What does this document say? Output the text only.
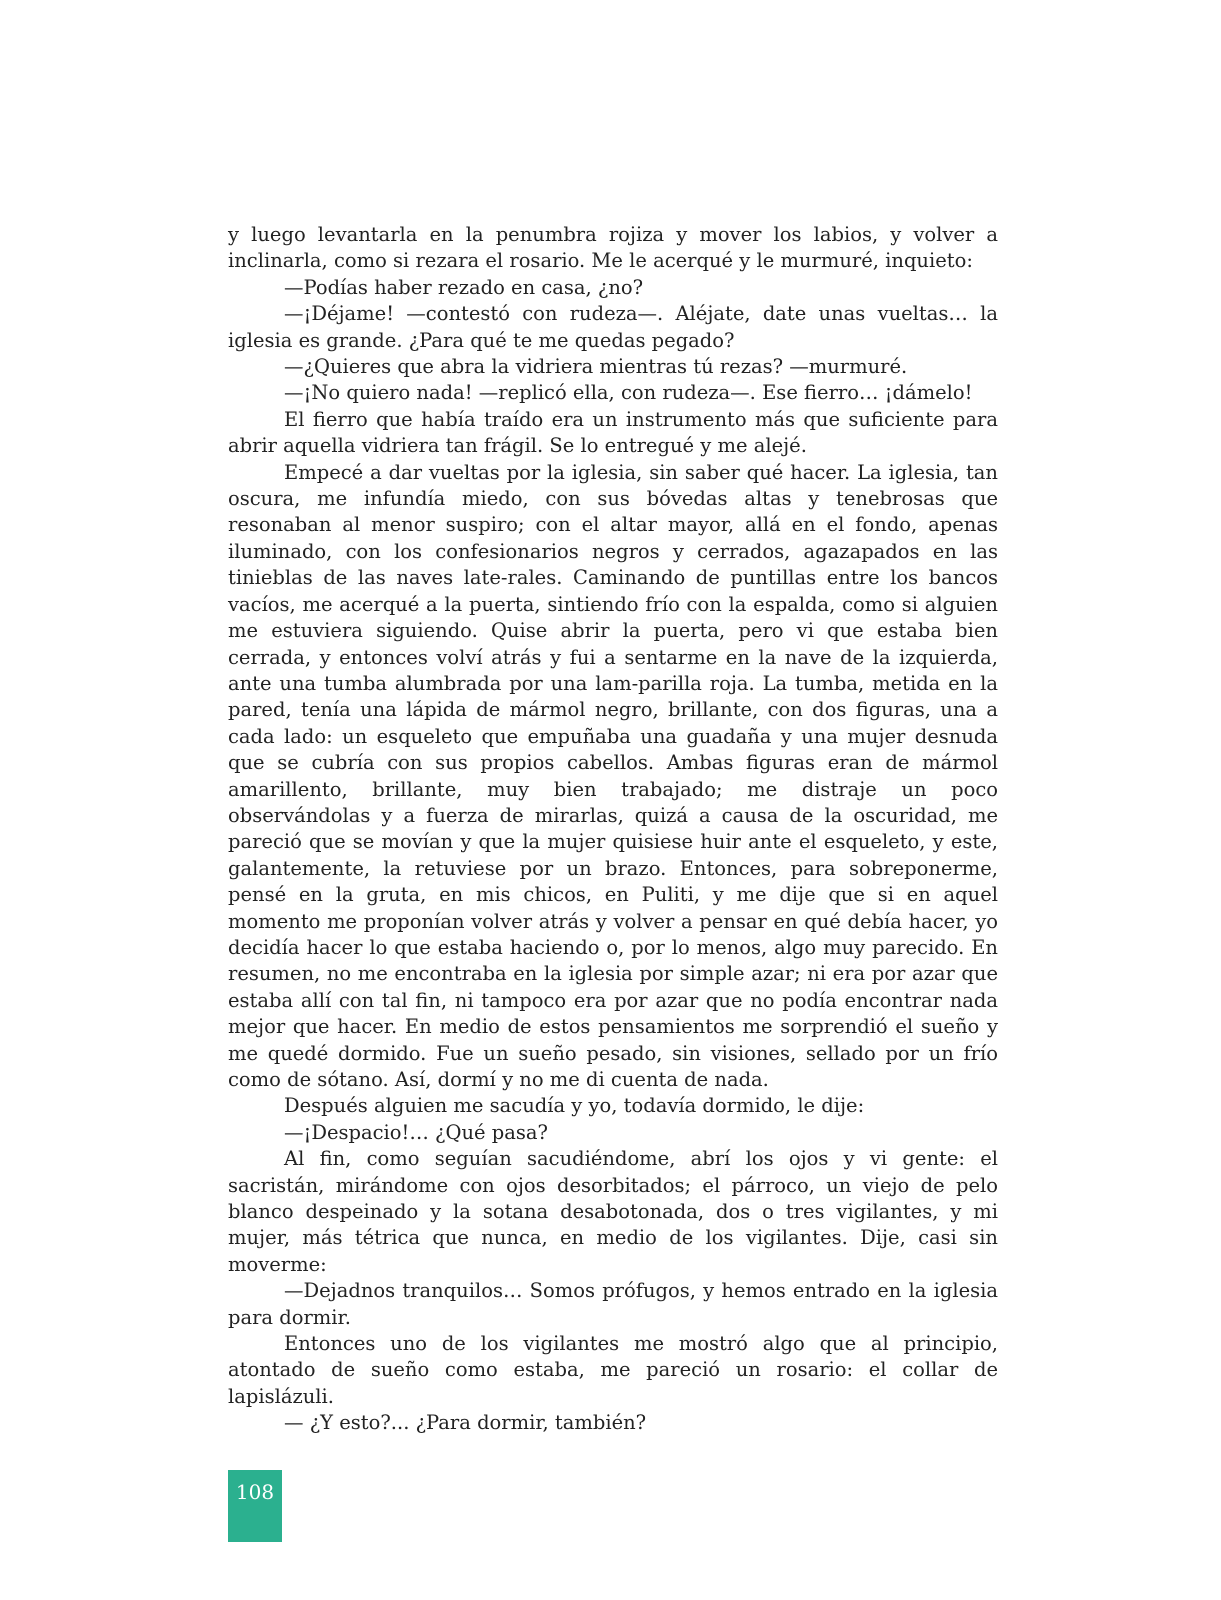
y luego levantarla en la penumbra rojiza y mover los labios, y volver a inclinarla, como si rezara el rosario. Me le acerqué y le murmuré, inquieto:

—Podías haber rezado en casa, ¿no?

—¡Déjame! —contestó con rudeza—. Aléjate, date unas vueltas… la iglesia es grande. ¿Para qué te me quedas pegado?

—¿Quieres que abra la vidriera mientras tú rezas? —murmuré.

—¡No quiero nada! —replicó ella, con rudeza—. Ese fierro… ¡dámelo!

El fierro que había traído era un instrumento más que suficiente para abrir aquella vidriera tan frágil. Se lo entregué y me alejé.

Empecé a dar vueltas por la iglesia, sin saber qué hacer. La iglesia, tan oscura, me infundía miedo, con sus bóvedas altas y tenebrosas que resonaban al menor suspiro; con el altar mayor, allá en el fondo, apenas iluminado, con los confesionarios negros y cerrados, agazapados en las tinieblas de las naves late-rales. Caminando de puntillas entre los bancos vacíos, me acerqué a la puerta, sintiendo frío con la espalda, como si alguien me estuviera siguiendo. Quise abrir la puerta, pero vi que estaba bien cerrada, y entonces volví atrás y fui a sentarme en la nave de la izquierda, ante una tumba alumbrada por una lam-parilla roja. La tumba, metida en la pared, tenía una lápida de mármol negro, brillante, con dos figuras, una a cada lado: un esqueleto que empuñaba una guadaña y una mujer desnuda que se cubría con sus propios cabellos. Ambas figuras eran de mármol amarillento, brillante, muy bien trabajado; me distraje un poco observándolas y a fuerza de mirarlas, quizá a causa de la oscuridad, me pareció que se movían y que la mujer quisiese huir ante el esqueleto, y este, galantemente, la retuviese por un brazo. Entonces, para sobreponerme, pensé en la gruta, en mis chicos, en Puliti, y me dije que si en aquel momento me proponían volver atrás y volver a pensar en qué debía hacer, yo decidía hacer lo que estaba haciendo o, por lo menos, algo muy parecido. En resumen, no me encontraba en la iglesia por simple azar; ni era por azar que estaba allí con tal fin, ni tampoco era por azar que no podía encontrar nada mejor que hacer. En medio de estos pensamientos me sorprendió el sueño y me quedé dormido. Fue un sueño pesado, sin visiones, sellado por un frío como de sótano. Así, dormí y no me di cuenta de nada.

Después alguien me sacudía y yo, todavía dormido, le dije:

—¡Despacio!… ¿Qué pasa?

Al fin, como seguían sacudiéndome, abrí los ojos y vi gente: el sacristán, mirándome con ojos desorbitados; el párroco, un viejo de pelo blanco despeinado y la sotana desabotonada, dos o tres vigilantes, y mi mujer, más tétrica que nunca, en medio de los vigilantes. Dije, casi sin moverme:

—Dejadnos tranquilos… Somos prófugos, y hemos entrado en la iglesia para dormir.

Entonces uno de los vigilantes me mostró algo que al principio, atontado de sueño como estaba, me pareció un rosario: el collar de lapislázuli.

— ¿Y esto?... ¿Para dormir, también?

108
